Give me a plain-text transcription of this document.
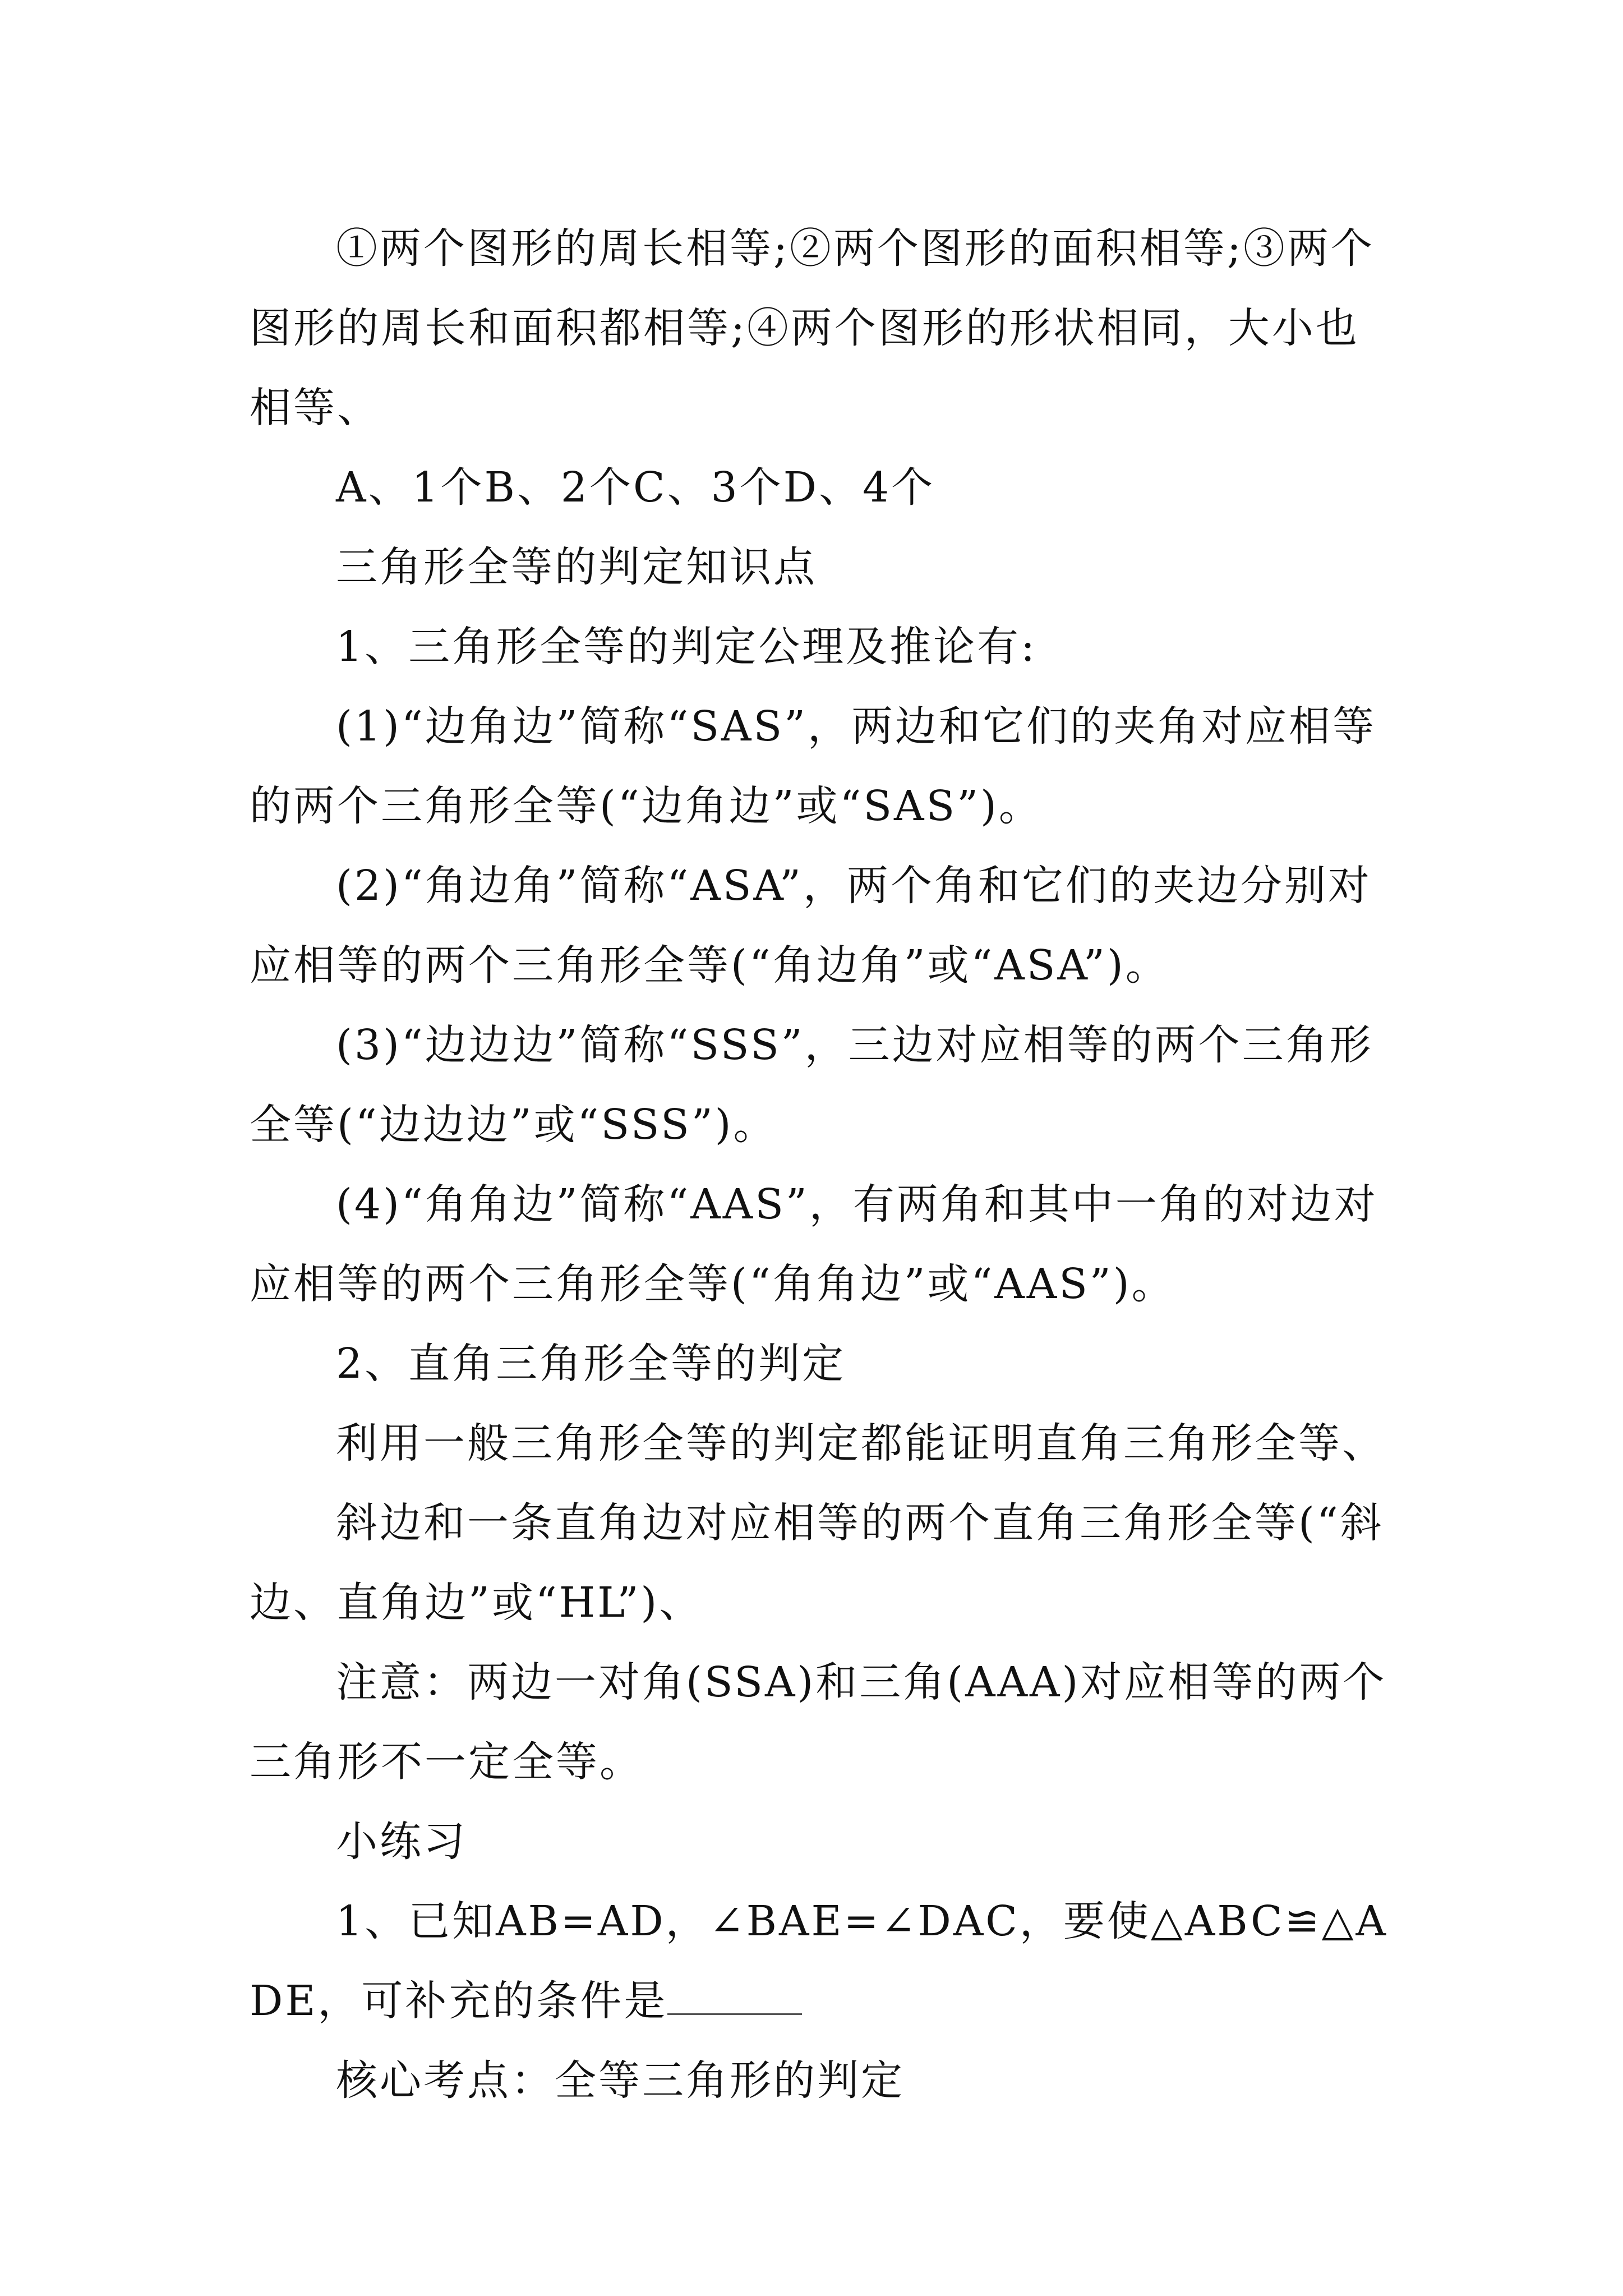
①两个图形的周长相等;②两个图形的面积相等;③两个图形的周长和面积都相等;④两个图形的形状相同，大小也相等、

A、1个B、2个C、3个D、4个

三角形全等的判定知识点

1、三角形全等的判定公理及推论有:

(1)“边角边”简称“SAS”，两边和它们的夹角对应相等的两个三角形全等(“边角边”或“SAS”)。

(2)“角边角”简称“ASA”，两个角和它们的夹边分别对应相等的两个三角形全等(“角边角”或“ASA”)。

(3)“边边边”简称“SSS”，三边对应相等的两个三角形全等(“边边边”或“SSS”)。

(4)“角角边”简称“AAS”，有两角和其中一角的对边对应相等的两个三角形全等(“角角边”或“AAS”)。

2、直角三角形全等的判定

利用一般三角形全等的判定都能证明直角三角形全等、

斜边和一条直角边对应相等的两个直角三角形全等(“斜边、直角边”或“HL”)、

注意：两边一对角(SSA)和三角(AAA)对应相等的两个三角形不一定全等。

小练习

1、已知AB=AD，∠BAE=∠DAC，要使△ABC≌△ADE，可补充的条件是

核心考点：全等三角形的判定
